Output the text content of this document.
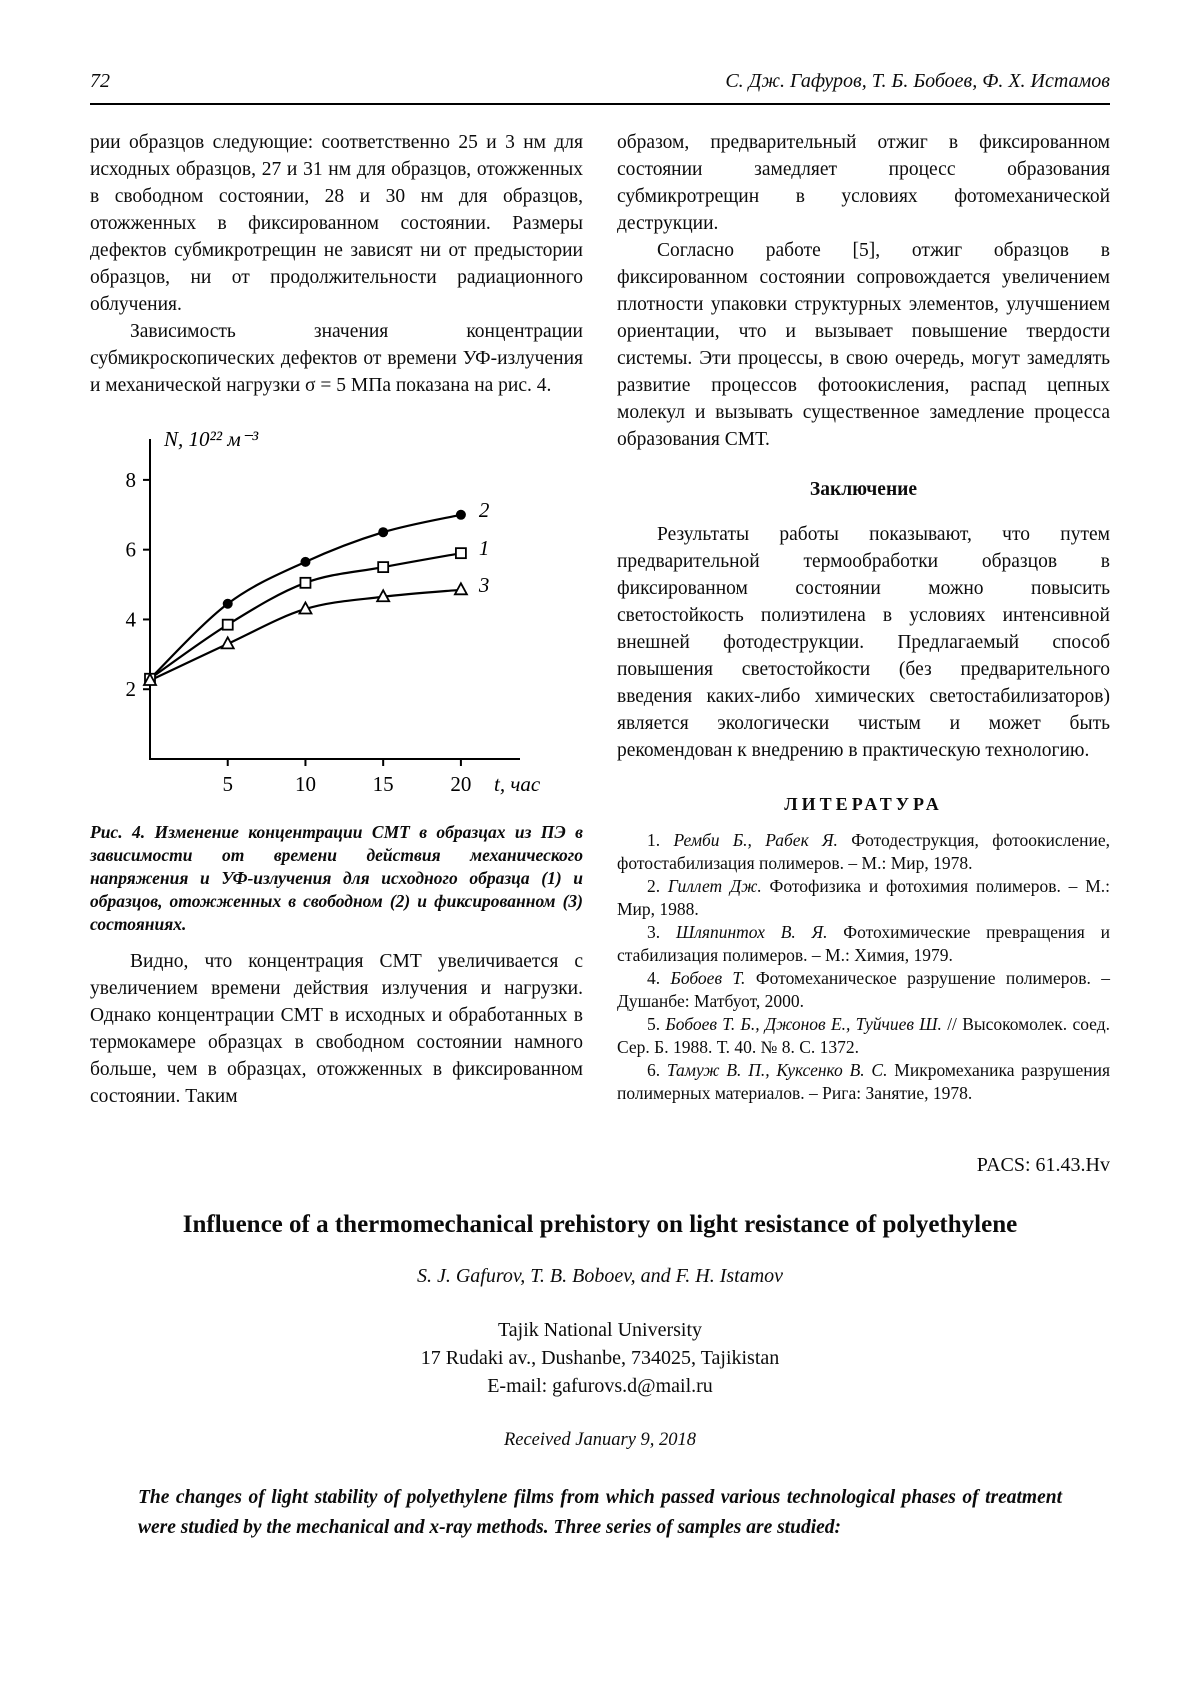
72	С. Дж. Гафуров, Т. Б. Бобоев, Ф. Х. Истамов

рии образцов следующие: соответственно 25 и 3 нм для исходных образцов, 27 и 31 нм для образцов, отожженных в свободном состоянии, 28 и 30 нм для образцов, отожженных в фиксированном состоянии. Размеры дефектов субмикротрещин не зависят ни от предыстории образцов, ни от продолжительности радиационного облучения.

Зависимость значения концентрации субмикроскопических дефектов от времени УФ-излучения и механической нагрузки σ = 5 МПа показана на рис. 4.

2
4
6
8
5	10	15	20
N, 10²² м⁻³
t, час
2
1
3
Рис. 4. Изменение концентрации СМТ в образцах из ПЭ в зависимости от времени действия механического напряжения и УФ-излучения для исходного образца (1) и образцов, отожженных в свободном (2) и фиксированном (3) состояниях.

Видно, что концентрация СМТ увеличивается с увеличением времени действия излучения и нагрузки. Однако концентрации СМТ в исходных и обработанных в термокамере образцах в свободном состоянии намного больше, чем в образцах, отожженных в фиксированном состоянии. Таким

образом, предварительный отжиг в фиксированном состоянии замедляет процесс образования субмикротрещин в условиях фотомеханической деструкции.

Согласно работе [5], отжиг образцов в фиксированном состоянии сопровождается увеличением плотности упаковки структурных элементов, улучшением ориентации, что и вызывает повышение твердости системы. Эти процессы, в свою очередь, могут замедлять развитие процессов фотоокисления, распад цепных молекул и вызывать существенное замедление процесса образования СМТ.

Заключение

Результаты работы показывают, что путем предварительной термообработки образцов в фиксированном состоянии можно повысить светостойкость полиэтилена в условиях интенсивной внешней фотодеструкции. Предлагаемый способ повышения светостойкости (без предварительного введения каких-либо химических светостабилизаторов) является экологически чистым и может быть рекомендован к внедрению в практическую технологию.

ЛИТЕРАТУРА

1. Ремби Б., Рабек Я. Фотодеструкция, фотоокисление, фотостабилизация полимеров. – М.: Мир, 1978.

2. Гиллет Дж. Фотофизика и фотохимия полимеров. – М.: Мир, 1988.

3. Шляпинтох В. Я. Фотохимические превращения и стабилизация полимеров. – М.: Химия, 1979.

4. Бобоев Т. Фотомеханическое разрушение полимеров. – Душанбе: Матбуот, 2000.

5. Бобоев Т. Б., Джонов Е., Туйчиев Ш. // Высокомолек. соед. Сер. Б. 1988. Т. 40. № 8. С. 1372.

6. Тамуж В. П., Куксенко В. С. Микромеханика разрушения полимерных материалов. – Рига: Занятие, 1978.

PACS: 61.43.Hv

Influence of a thermomechanical prehistory on light resistance of polyethylene

S. J. Gafurov, T. B. Boboev, and F. H. Istamov

Tajik National University

17 Rudaki av., Dushanbe, 734025, Tajikistan

E-mail: gafurovs.d@mail.ru

Received January 9, 2018

The changes of light stability of polyethylene films from which passed various technological phases of treatment were studied by the mechanical and x-ray methods. Three series of samples are studied:
